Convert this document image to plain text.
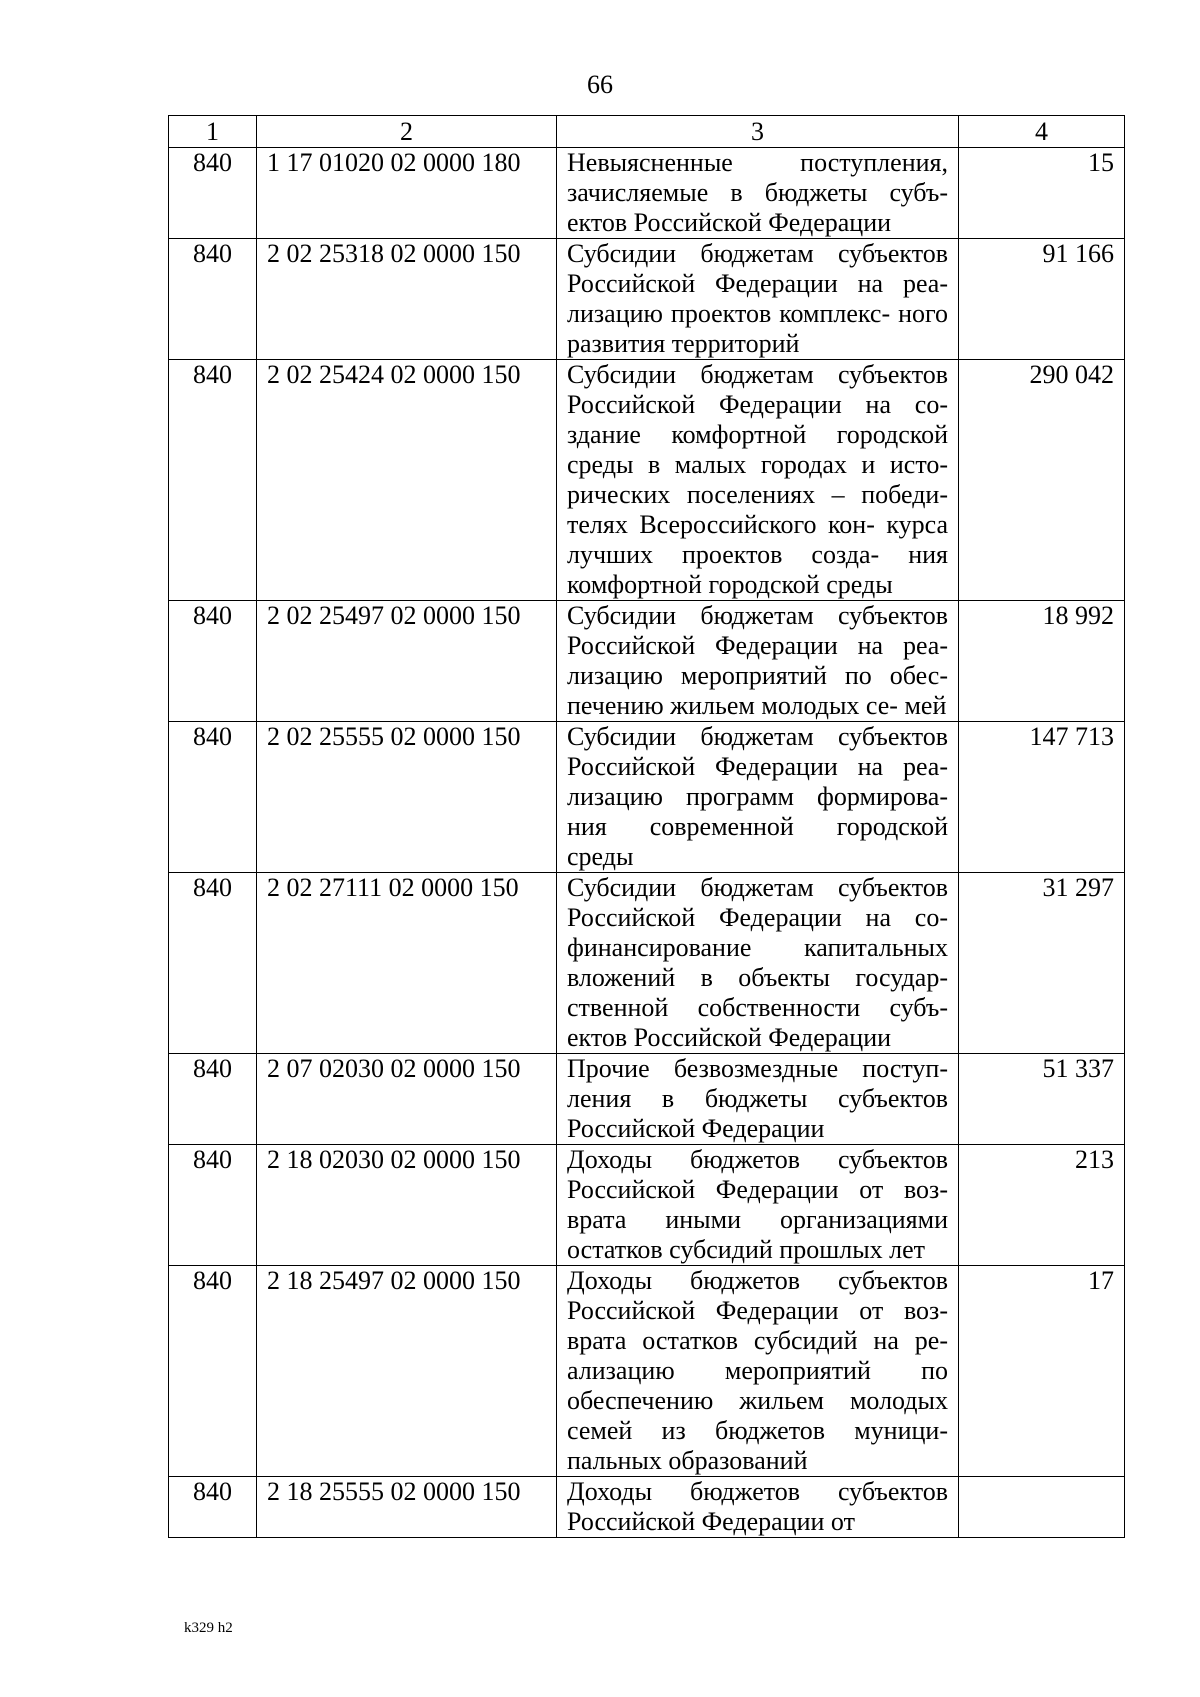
66
1	2	3	4
840	1 17 01020 02 0000 180	Невыясненные поступления, зачисляемые в бюджеты субъ- ектов Российской Федерации	15
840	2 02 25318 02 0000 150	Субсидии бюджетам субъектов Российской Федерации на реа- лизацию проектов комплекс- ного развития территорий	91 166
840	2 02 25424 02 0000 150	Субсидии бюджетам субъектов Российской Федерации на со- здание комфортной городской среды в малых городах и исто- рических поселениях – победи- телях Всероссийского кон- курса лучших проектов созда- ния комфортной городской среды	290 042
840	2 02 25497 02 0000 150	Субсидии бюджетам субъектов Российской Федерации на реа- лизацию мероприятий по обес- печению жильем молодых се- мей	18 992
840	2 02 25555 02 0000 150	Субсидии бюджетам субъектов Российской Федерации на реа- лизацию программ формирова- ния современной городской среды	147 713
840	2 02 27111 02 0000 150	Субсидии бюджетам субъектов Российской Федерации на со- финансирование капитальных вложений в объекты государ- ственной собственности субъ- ектов Российской Федерации	31 297
840	2 07 02030 02 0000 150	Прочие безвозмездные поступ- ления в бюджеты субъектов Российской Федерации	51 337
840	2 18 02030 02 0000 150	Доходы бюджетов субъектов Российской Федерации от воз- врата иными организациями остатков субсидий прошлых лет	213
840	2 18 25497 02 0000 150	Доходы бюджетов субъектов Российской Федерации от воз- врата остатков субсидий на ре- ализацию мероприятий по обеспечению жильем молодых семей из бюджетов муници- пальных образований	17
840	2 18 25555 02 0000 150	Доходы бюджетов субъектов Российской Федерации от	
k329 h2
